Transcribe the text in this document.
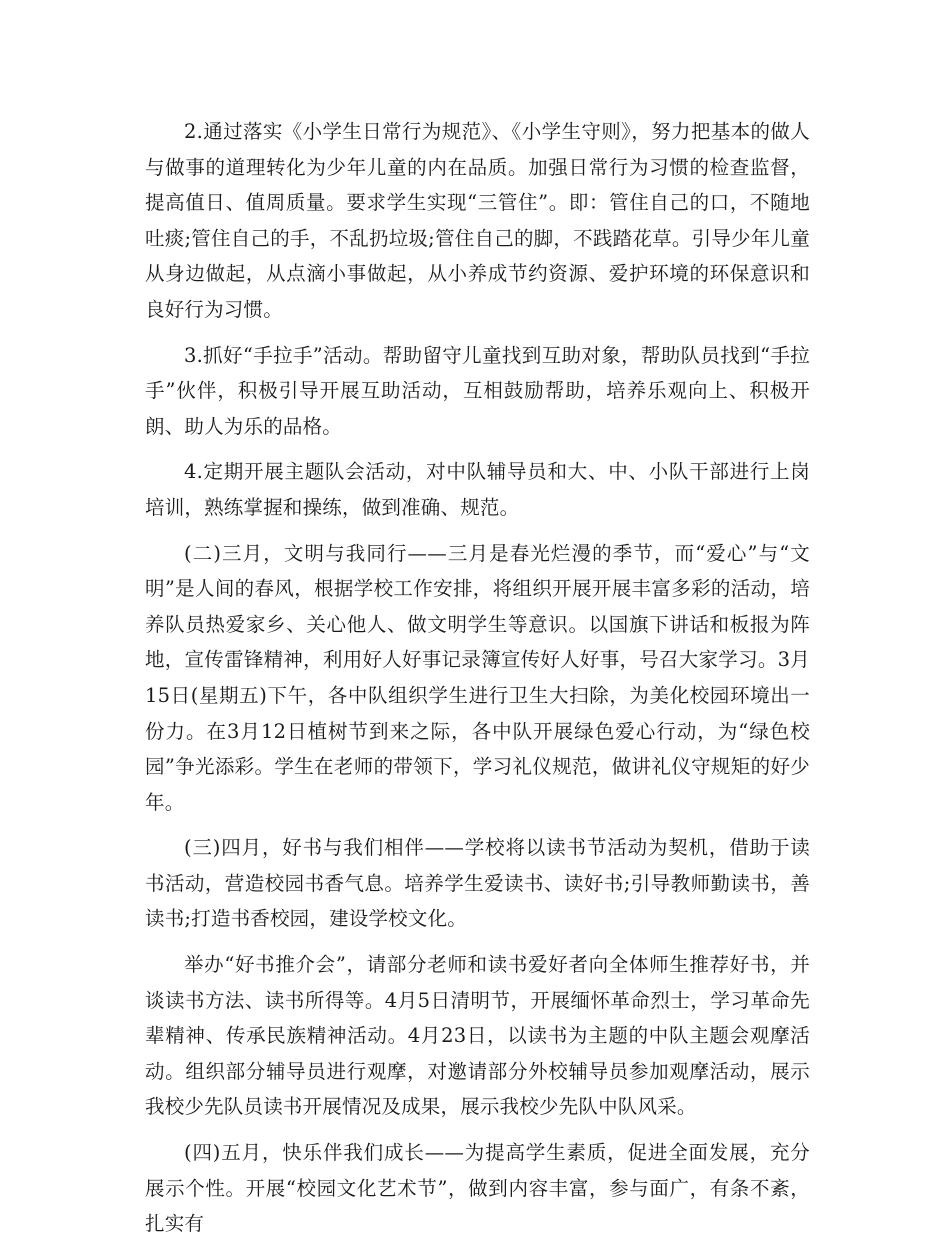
2.通过落实《小学生日常行为规范》、《小学生守则》，努力把基本的做人与做事的道理转化为少年儿童的内在品质。加强日常行为习惯的检查监督，提高值日、值周质量。要求学生实现“三管住”。即：管住自己的口，不随地吐痰;管住自己的手，不乱扔垃圾;管住自己的脚，不践踏花草。引导少年儿童从身边做起，从点滴小事做起，从小养成节约资源、爱护环境的环保意识和良好行为习惯。

3.抓好“手拉手”活动。帮助留守儿童找到互助对象，帮助队员找到“手拉手”伙伴，积极引导开展互助活动，互相鼓励帮助，培养乐观向上、积极开朗、助人为乐的品格。

4.定期开展主题队会活动，对中队辅导员和大、中、小队干部进行上岗培训，熟练掌握和操练，做到准确、规范。

(二)三月，文明与我同行——三月是春光烂漫的季节，而“爱心”与“文明”是人间的春风，根据学校工作安排，将组织开展开展丰富多彩的活动，培养队员热爱家乡、关心他人、做文明学生等意识。以国旗下讲话和板报为阵地，宣传雷锋精神，利用好人好事记录簿宣传好人好事，号召大家学习。3月15日(星期五)下午，各中队组织学生进行卫生大扫除，为美化校园环境出一份力。在3月12日植树节到来之际，各中队开展绿色爱心行动，为“绿色校园”争光添彩。学生在老师的带领下，学习礼仪规范，做讲礼仪守规矩的好少年。

(三)四月，好书与我们相伴——学校将以读书节活动为契机，借助于读书活动，营造校园书香气息。培养学生爱读书、读好书;引导教师勤读书，善读书;打造书香校园，建设学校文化。

举办“好书推介会”，请部分老师和读书爱好者向全体师生推荐好书，并谈读书方法、读书所得等。4月5日清明节，开展缅怀革命烈士，学习革命先辈精神、传承民族精神活动。4月23日，以读书为主题的中队主题会观摩活动。组织部分辅导员进行观摩，对邀请部分外校辅导员参加观摩活动，展示我校少先队员读书开展情况及成果，展示我校少先队中队风采。

(四)五月，快乐伴我们成长——为提高学生素质，促进全面发展，充分展示个性。开展“校园文化艺术节”，做到内容丰富，参与面广，有条不紊，扎实有
